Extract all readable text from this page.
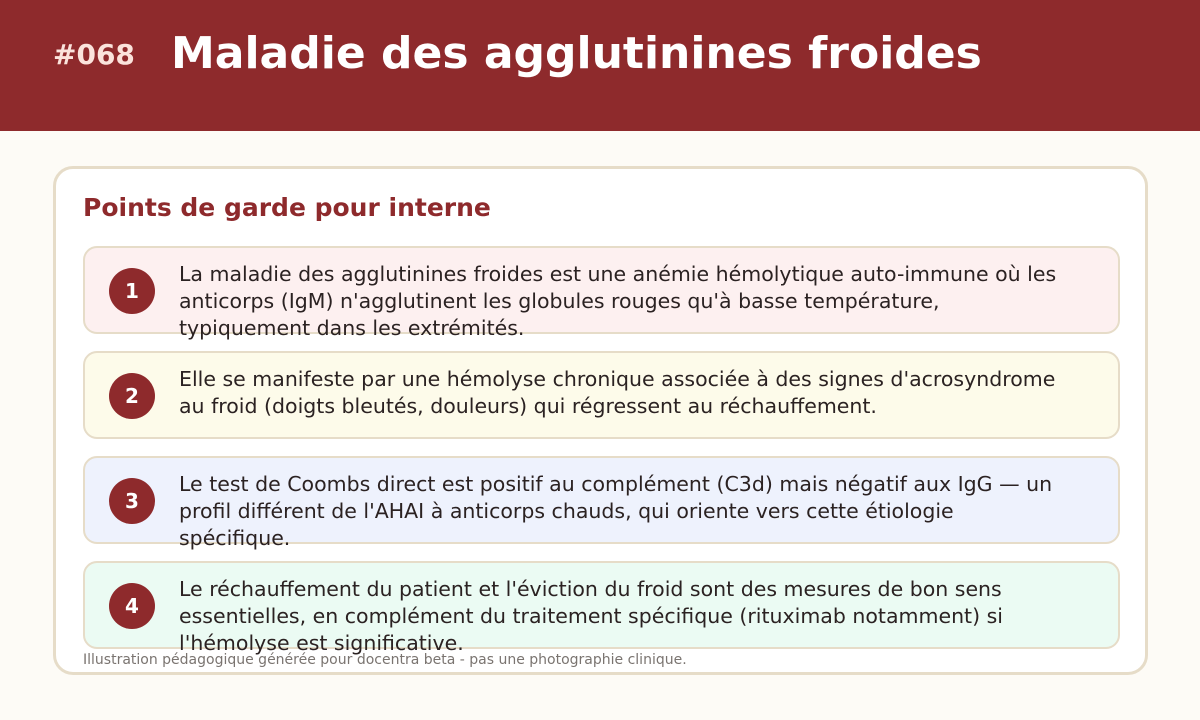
#068 Maladie des agglutinines froides
Points de garde pour interne
1

La maladie des agglutinines froides est une anémie hémolytique auto-immune où les anticorps (IgM) n'agglutinent les globules rouges qu'à basse température, typiquement dans les extrémités.

2

Elle se manifeste par une hémolyse chronique associée à des signes d'acrosyndrome au froid (doigts bleutés, douleurs) qui régressent au réchauffement.

3

Le test de Coombs direct est positif au complément (C3d) mais négatif aux IgG — un profil différent de l'AHAI à anticorps chauds, qui oriente vers cette étiologie spécifique.

4

Le réchauffement du patient et l'éviction du froid sont des mesures de bon sens essentielles, en complément du traitement spécifique (rituximab notamment) si l'hémolyse est significative.

Illustration pédagogique générée pour docentra beta - pas une photographie clinique.
